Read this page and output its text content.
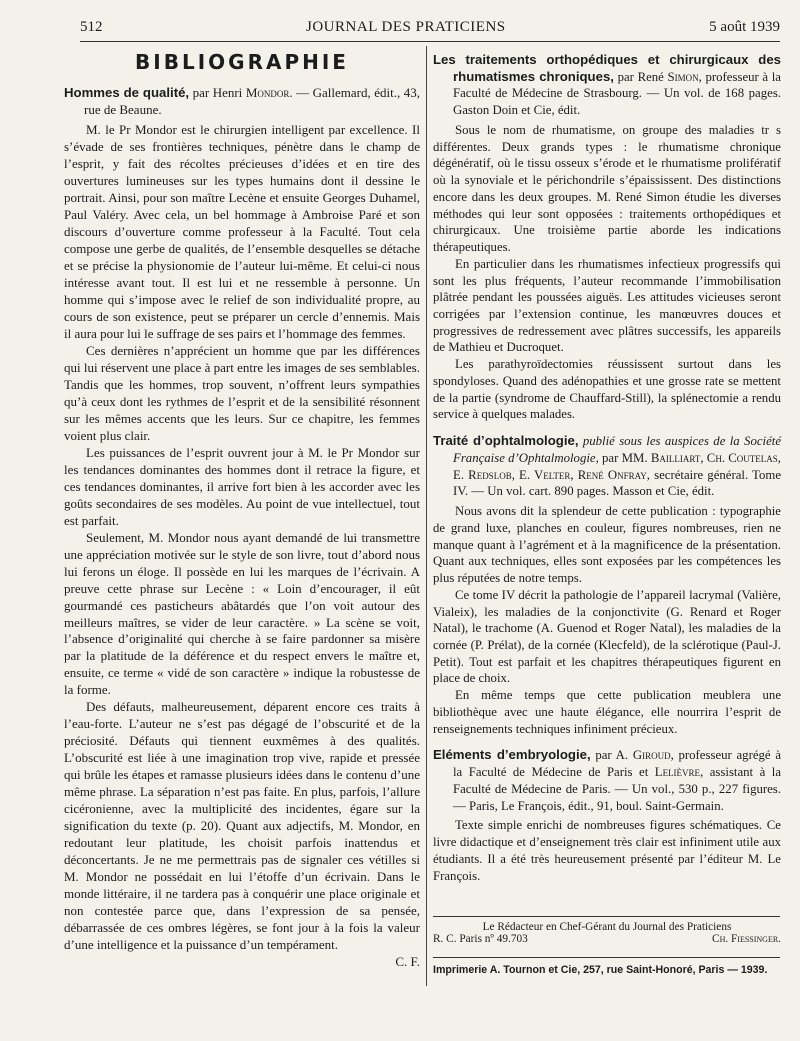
512	JOURNAL DES PRATICIENS	5 août 1939
BIBLIOGRAPHIE
Hommes de qualité, par Henri Mondor. — Gallemard, édit., 43, rue de Beaune.

M. le Pr Mondor est le chirurgien intelligent par excellence. Il s’évade de ses frontières techniques, pénètre dans le champ de l’esprit, y fait des récoltes précieuses d’idées et en tire des ouvertures lumineuses sur les types humains dont il dessine le portrait. Ainsi, pour son maître Lecène et ensuite Georges Duhamel, Paul Valéry. Avec cela, un bel hommage à Ambroise Paré et son discours d’ouverture comme professeur à la Faculté. Tout cela compose une gerbe de qualités, de l’ensemble desquelles se détache et se précise la physionomie de l’auteur lui-même. Et celui-ci nous intéresse avant tout. Il est lui et ne ressemble à personne. Un homme qui s’impose avec le relief de son individualité propre, au cours de son existence, peut se préparer un cercle d’ennemis. Mais il aura pour lui le suffrage de ses pairs et l’hommage des femmes.

Ces dernières n’apprécient un homme que par les différences qui lui réservent une place à part entre les images de ses semblables. Tandis que les hommes, trop souvent, n’offrent leurs sympathies qu’à ceux dont les rythmes de l’esprit et de la sensibilité résonnent sur les mêmes accents que les leurs. Sur ce chapitre, les femmes voient plus clair.

Les puissances de l’esprit ouvrent jour à M. le Pr Mondor sur les tendances dominantes des hommes dont il retrace la figure, et ces tendances dominantes, il arrive fort bien à les accorder avec les goûts secondaires de ses modèles. Au point de vue intellectuel, tout est parfait.

Seulement, M. Mondor nous ayant demandé de lui transmettre une appréciation motivée sur le style de son livre, tout d’abord nous lui ferons un éloge. Il possède en lui les marques de l’écrivain. A preuve cette phrase sur Lecène : « Loin d’encourager, il eût gourmandé ces pasticheurs abâtardés que l’on voit autour des meilleurs maîtres, se vider de leur caractère. » La scène se voit, l’absence d’originalité qui cherche à se faire pardonner sa misère par la platitude de la déférence et du respect envers le maître et, ensuite, ce terme « vidé de son caractère » indique la robustesse de la forme.

Des défauts, malheureusement, déparent encore ces traits à l’eau-forte. L’auteur ne s’est pas dégagé de l’obscurité et de la préciosité. Défauts qui tiennent euxmêmes à des qualités. L’obscurité est liée à une imagination trop vive, rapide et pressée qui brûle les étapes et ramasse plusieurs idées dans le contenu d’une même phrase. La séparation n’est pas faite. En plus, parfois, l’allure cicéronienne, avec la multiplicité des incidentes, égare sur la signification du texte (p. 20). Quant aux adjectifs, M. Mondor, en redoutant leur platitude, les choisit parfois inattendus et déconcertants. Je ne me permettrais pas de signaler ces vétilles si M. Mondor ne possédait en lui l’étoffe d’un écrivain. Dans le monde littéraire, il ne tardera pas à conquérir une place originale et non contestée parce que, dans l’expression de sa pensée, débarrassée de ces ombres légères, se font jour à la fois la valeur d’une intelligence et la puissance d’un tempérament.

C. F.
Les traitements orthopédiques et chirurgicaux des rhumatismes chroniques, par René Simon, professeur à la Faculté de Médecine de Strasbourg. — Un vol. de 168 pages. Gaston Doin et Cie, édit.

Sous le nom de rhumatisme, on groupe des maladies tr s différentes. Deux grands types : le rhumatisme chronique dégénératif, où le tissu osseux s’érode et le rhumatisme prolifératif où la synoviale et le périchondrile s’épaississent. Des distinctions encore dans les deux groupes. M. René Simon étudie les diverses méthodes qui leur sont opposées : traitements orthopédiques et chirurgicaux. Une troisième partie aborde les indications thérapeutiques.

En particulier dans les rhumatismes infectieux progressifs qui sont les plus fréquents, l’auteur recommande l’immobilisation plâtrée pendant les poussées aiguës. Les attitudes vicieuses seront corrigées par l’extension continue, les manœuvres douces et progressives de redressement avec plâtres successifs, les appareils de Mathieu et Ducroquet.

Les parathyroïdectomies réussissent surtout dans les spondyloses. Quand des adénopathies et une grosse rate se mettent de la partie (syndrome de Chauffard-Still), la splénectomie a rendu service à quelques malades.

Traité d’ophtalmologie, publié sous les auspices de la Société Française d’Ophtalmologie, par MM. Bailliart, Ch. Coutelas, E. Redslob, E. Velter, René Onfray, secrétaire général. Tome IV. — Un vol. cart. 890 pages. Masson et Cie, édit.

Nous avons dit la splendeur de cette publication : typographie de grand luxe, planches en couleur, figures nombreuses, rien ne manque quant à l’agrément et à la magnificence de la présentation. Quant aux techniques, elles sont exposées par les compétences les plus réputées de notre temps.

Ce tome IV décrit la pathologie de l’appareil lacrymal (Valière, Vialeix), les maladies de la conjonctivite (G. Renard et Roger Natal), le trachome (A. Guenod et Roger Natal), les maladies de la cornée (P. Prélat), de la cornée (Klecfeld), de la sclérotique (Paul-J. Petit). Tout est parfait et les chapitres thérapeutiques figurent en place de choix.

En même temps que cette publication meublera une bibliothèque avec une haute élégance, elle nourrira l’esprit de renseignements techniques infiniment précieux.

Eléments d’embryologie, par A. Giroud, professeur agrégé à la Faculté de Médecine de Paris et Lelièvre, assistant à la Faculté de Médecine de Paris. — Un vol., 530 p., 227 figures. — Paris, Le François, édit., 91, boul. Saint-Germain.

Texte simple enrichi de nombreuses figures schématiques. Ce livre didactique et d’enseignement très clair est infiniment utile aux étudiants. Il a été très heureusement présenté par l’éditeur M. Le François.

Le Rédacteur en Chef-Gérant du Journal des Praticiens
R. C. Paris nº 49.703	Ch. Fiessinger.
Imprimerie A. Tournon et Cie, 257, rue Saint-Honoré, Paris — 1939.
